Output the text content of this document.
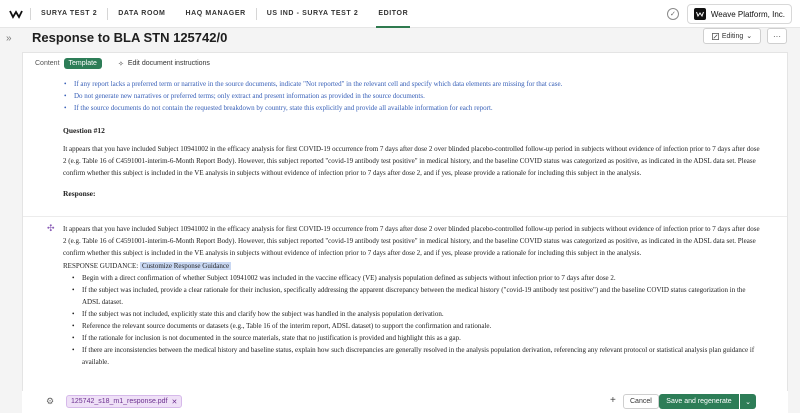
SURYA TEST 2	DATA ROOM	HAQ MANAGER	US IND - SURYA TEST 2	EDITOR	✓	Weave Platform, Inc.
» Response to BLA STN 125742/0	Editing ⌄	···
Content	Template	✧ Edit document instructions
• If any report lacks a preferred term or narrative in the source documents, indicate "Not reported" in the relevant cell and specify which data elements are missing for that case.
• Do not generate new narratives or preferred terms; only extract and present information as provided in the source documents.
• If the source documents do not contain the requested breakdown by country, state this explicitly and provide all available information for each report.
Question #12
It appears that you have included Subject 10941002 in the efficacy analysis for first COVID-19 occurrence from 7 days after dose 2 over blinded placebo-controlled follow-up period in subjects without evidence of infection prior to 7 days after dose 2 (e.g. Table 16 of C4591001-interim-6-Month Report Body). However, this subject reported "covid-19 antibody test positive" in medical history, and the baseline COVID status was categorized as positive, as indicated in the ADSL data set. Please confirm whether this subject is included in the VE analysis in subjects without evidence of infection prior to 7 days after dose 2, and if yes, please provide a rationale for including this subject in the analysis.
Response:
✣ It appears that you have included Subject 10941002 in the efficacy analysis for first COVID-19 occurrence from 7 days after dose 2 over blinded placebo-controlled follow-up period in subjects without evidence of infection prior to 7 days after dose 2 (e.g. Table 16 of C4591001-interim-6-Month Report Body). However, this subject reported "covid-19 antibody test positive" in medical history, and the baseline COVID status was categorized as positive, as indicated in the ADSL data set. Please confirm whether this subject is included in the VE analysis in subjects without evidence of infection prior to 7 days after dose 2, and if yes, please provide a rationale for including this subject in the analysis.
RESPONSE GUIDANCE: Customize Response Guidance
• Begin with a direct confirmation of whether Subject 10941002 was included in the vaccine efficacy (VE) analysis population defined as subjects without infection prior to 7 days after dose 2.
• If the subject was included, provide a clear rationale for their inclusion, specifically addressing the apparent discrepancy between the medical history ("covid-19 antibody test positive") and the baseline COVID status categorization in the ADSL dataset.
• If the subject was not included, explicitly state this and clarify how the subject was handled in the analysis population derivation.
• Reference the relevant source documents or datasets (e.g., Table 16 of the interim report, ADSL dataset) to support the confirmation and rationale.
• If the rationale for inclusion is not documented in the source materials, state that no justification is provided and highlight this as a gap.
• If there are inconsistencies between the medical history and baseline status, explain how such discrepancies are generally resolved in the analysis population derivation, referencing any relevant protocol or statistical analysis plan guidance if available.
⚙ 125742_s18_m1_response.pdf ✕	+	Cancel	Save and regenerate	⌄
